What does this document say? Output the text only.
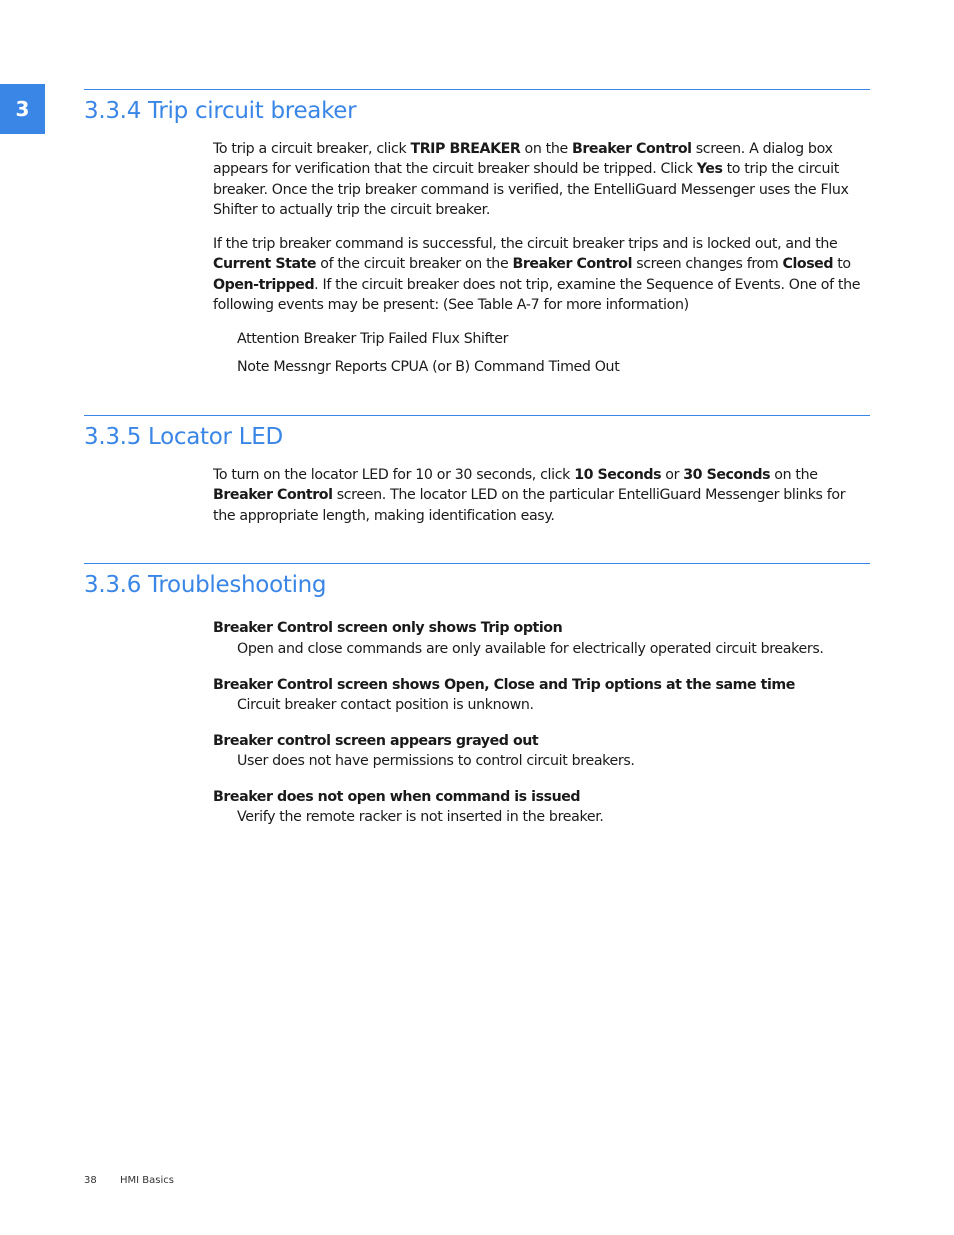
3	3.3.4 Trip circuit breaker

To trip a circuit breaker, click TRIP BREAKER on the Breaker Control screen. A dialog box appears for verification that the circuit breaker should be tripped. Click Yes to trip the circuit breaker. Once the trip breaker command is verified, the EntelliGuard Messenger uses the Flux Shifter to actually trip the circuit breaker.

If the trip breaker command is successful, the circuit breaker trips and is locked out, and the Current State of the circuit breaker on the Breaker Control screen changes from Closed to Open-tripped. If the circuit breaker does not trip, examine the Sequence of Events. One of the following events may be present: (See Table A-7 for more information)

Attention Breaker Trip Failed Flux Shifter

Note Messngr Reports CPUA (or B) Command Timed Out

3.3.5 Locator LED

To turn on the locator LED for 10 or 30 seconds, click 10 Seconds or 30 Seconds on the Breaker Control screen. The locator LED on the particular EntelliGuard Messenger blinks for the appropriate length, making identification easy.

3.3.6 Troubleshooting

Breaker Control screen only shows Trip option

Open and close commands are only available for electrically operated circuit breakers.

Breaker Control screen shows Open, Close and Trip options at the same time

Circuit breaker contact position is unknown.

Breaker control screen appears grayed out

User does not have permissions to control circuit breakers.

Breaker does not open when command is issued

Verify the remote racker is not inserted in the breaker.

38 HMI Basics
